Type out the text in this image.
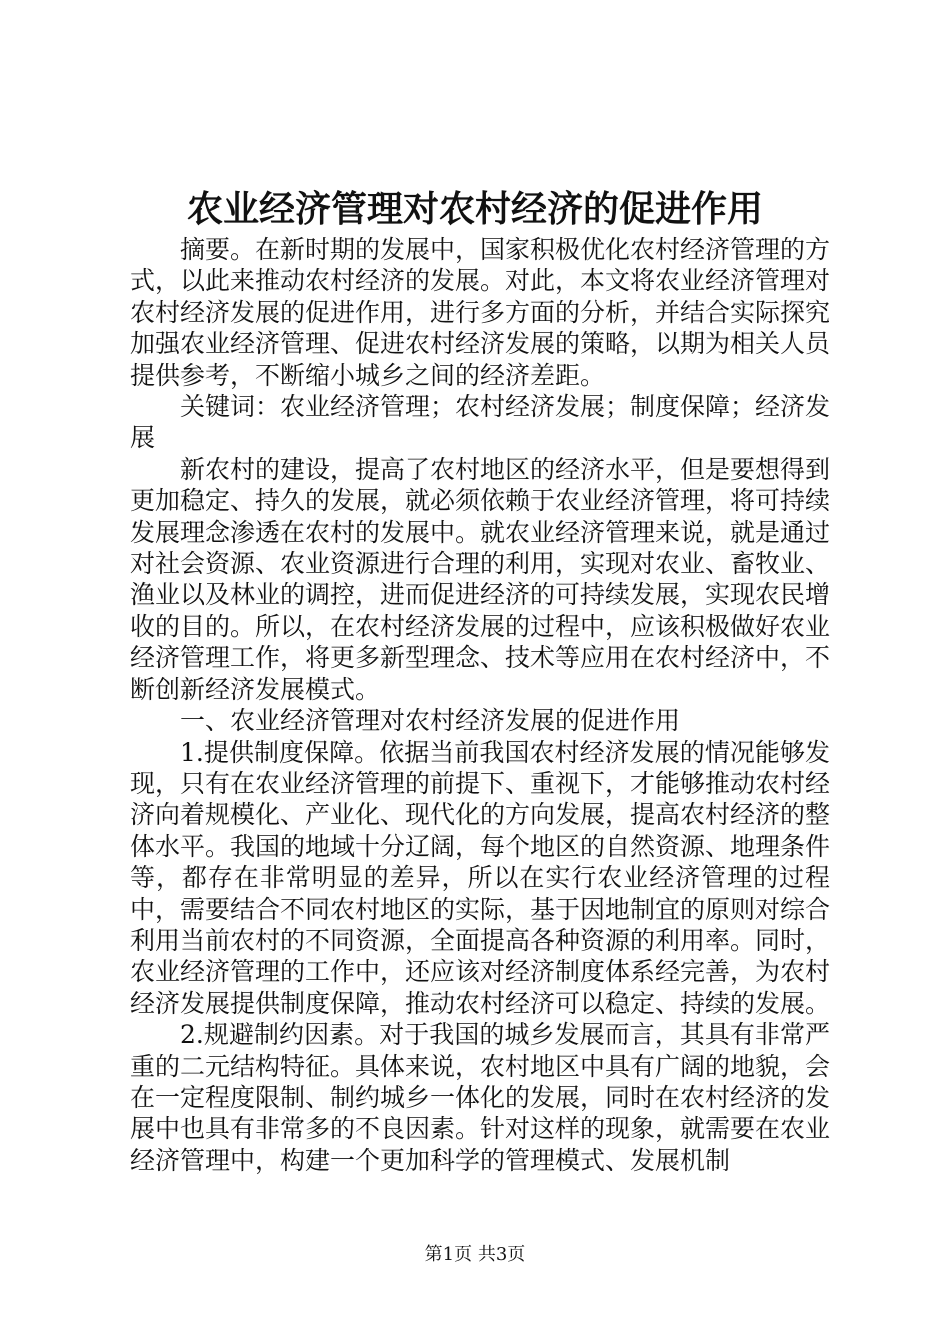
农业经济管理对农村经济的促进作用

摘要。在新时期的发展中，国家积极优化农村经济管理的方式，以此来推动农村经济的发展。对此，本文将农业经济管理对农村经济发展的促进作用，进行多方面的分析，并结合实际探究加强农业经济管理、促进农村经济发展的策略，以期为相关人员提供参考，不断缩小城乡之间的经济差距。

关键词：农业经济管理；农村经济发展；制度保障；经济发展

新农村的建设，提高了农村地区的经济水平，但是要想得到更加稳定、持久的发展，就必须依赖于农业经济管理，将可持续发展理念渗透在农村的发展中。就农业经济管理来说，就是通过对社会资源、农业资源进行合理的利用，实现对农业、畜牧业、渔业以及林业的调控，进而促进经济的可持续发展，实现农民增收的目的。所以，在农村经济发展的过程中，应该积极做好农业经济管理工作，将更多新型理念、技术等应用在农村经济中，不断创新经济发展模式。

一、农业经济管理对农村经济发展的促进作用

1.提供制度保障。依据当前我国农村经济发展的情况能够发现，只有在农业经济管理的前提下、重视下，才能够推动农村经济向着规模化、产业化、现代化的方向发展，提高农村经济的整体水平。我国的地域十分辽阔，每个地区的自然资源、地理条件等，都存在非常明显的差异，所以在实行农业经济管理的过程中，需要结合不同农村地区的实际，基于因地制宜的原则对综合利用当前农村的不同资源，全面提高各种资源的利用率。同时，农业经济管理的工作中，还应该对经济制度体系经完善，为农村经济发展提供制度保障，推动农村经济可以稳定、持续的发展。

2.规避制约因素。对于我国的城乡发展而言，其具有非常严重的二元结构特征。具体来说，农村地区中具有广阔的地貌，会在一定程度限制、制约城乡一体化的发展，同时在农村经济的发展中也具有非常多的不良因素。针对这样的现象，就需要在农业经济管理中，构建一个更加科学的管理模式、发展机制

第1页 共3页
